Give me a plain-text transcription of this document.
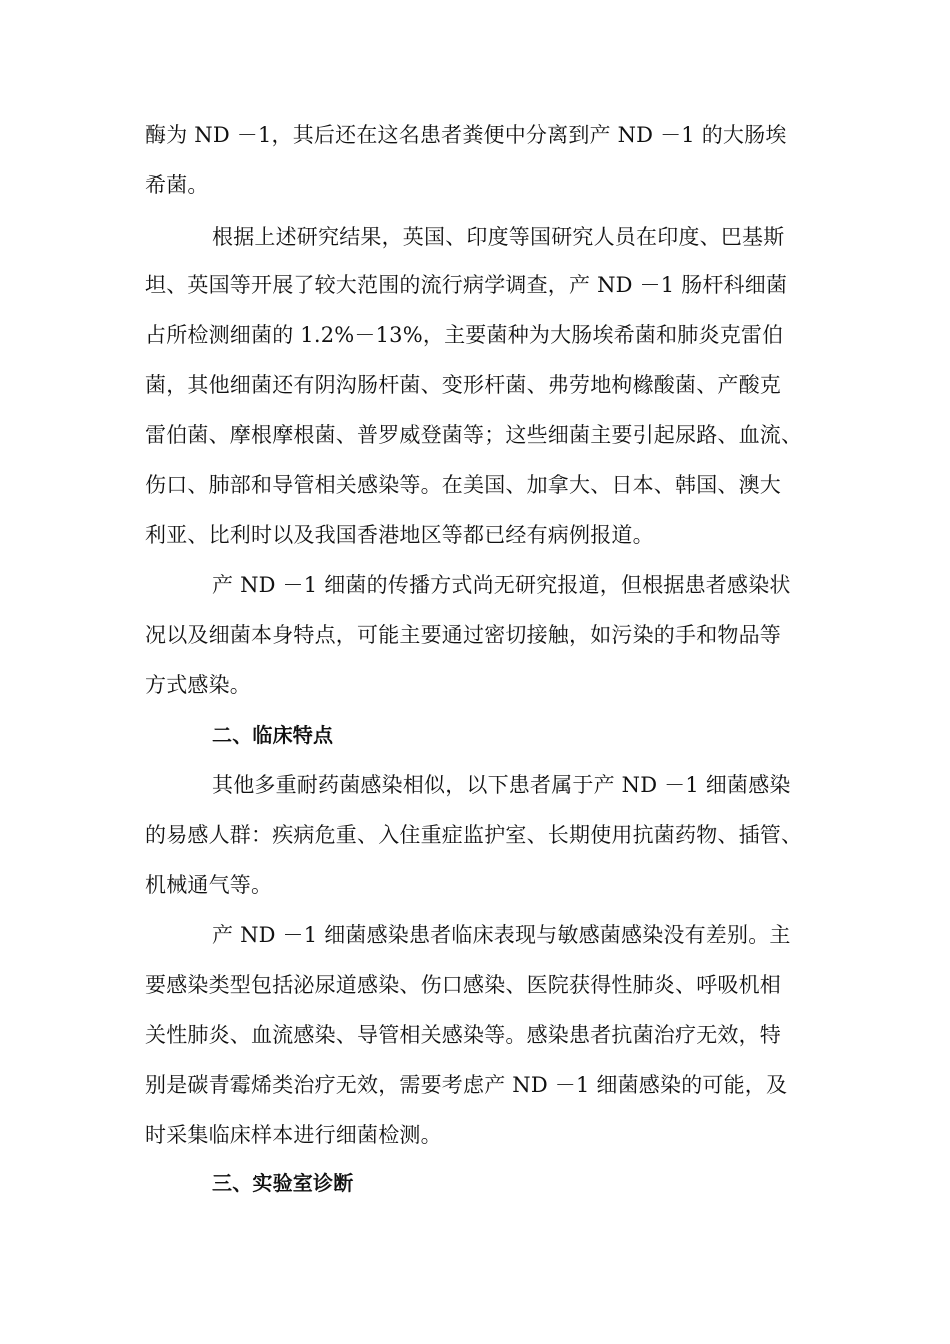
酶为 ND －1，其后还在这名患者粪便中分离到产 ND －1 的大肠埃
希菌。
根据上述研究结果，英国、印度等国研究人员在印度、巴基斯
坦、英国等开展了较大范围的流行病学调查，产 ND －1 肠杆科细菌
占所检测细菌的 1.2%－13%，主要菌种为大肠埃希菌和肺炎克雷伯
菌，其他细菌还有阴沟肠杆菌、变形杆菌、弗劳地枸橼酸菌、产酸克
雷伯菌、摩根摩根菌、普罗威登菌等；这些细菌主要引起尿路、血流、
伤口、肺部和导管相关感染等。在美国、加拿大、日本、韩国、澳大
利亚、比利时以及我国香港地区等都已经有病例报道。
产 ND －1 细菌的传播方式尚无研究报道，但根据患者感染状
况以及细菌本身特点，可能主要通过密切接触，如污染的手和物品等
方式感染。
二、临床特点
其他多重耐药菌感染相似，以下患者属于产 ND －1 细菌感染
的易感人群：疾病危重、入住重症监护室、长期使用抗菌药物、插管、
机械通气等。
产 ND －1 细菌感染患者临床表现与敏感菌感染没有差别。主
要感染类型包括泌尿道感染、伤口感染、医院获得性肺炎、呼吸机相
关性肺炎、血流感染、导管相关感染等。感染患者抗菌治疗无效，特
别是碳青霉烯类治疗无效，需要考虑产 ND －1 细菌感染的可能，及
时采集临床样本进行细菌检测。
三、实验室诊断
